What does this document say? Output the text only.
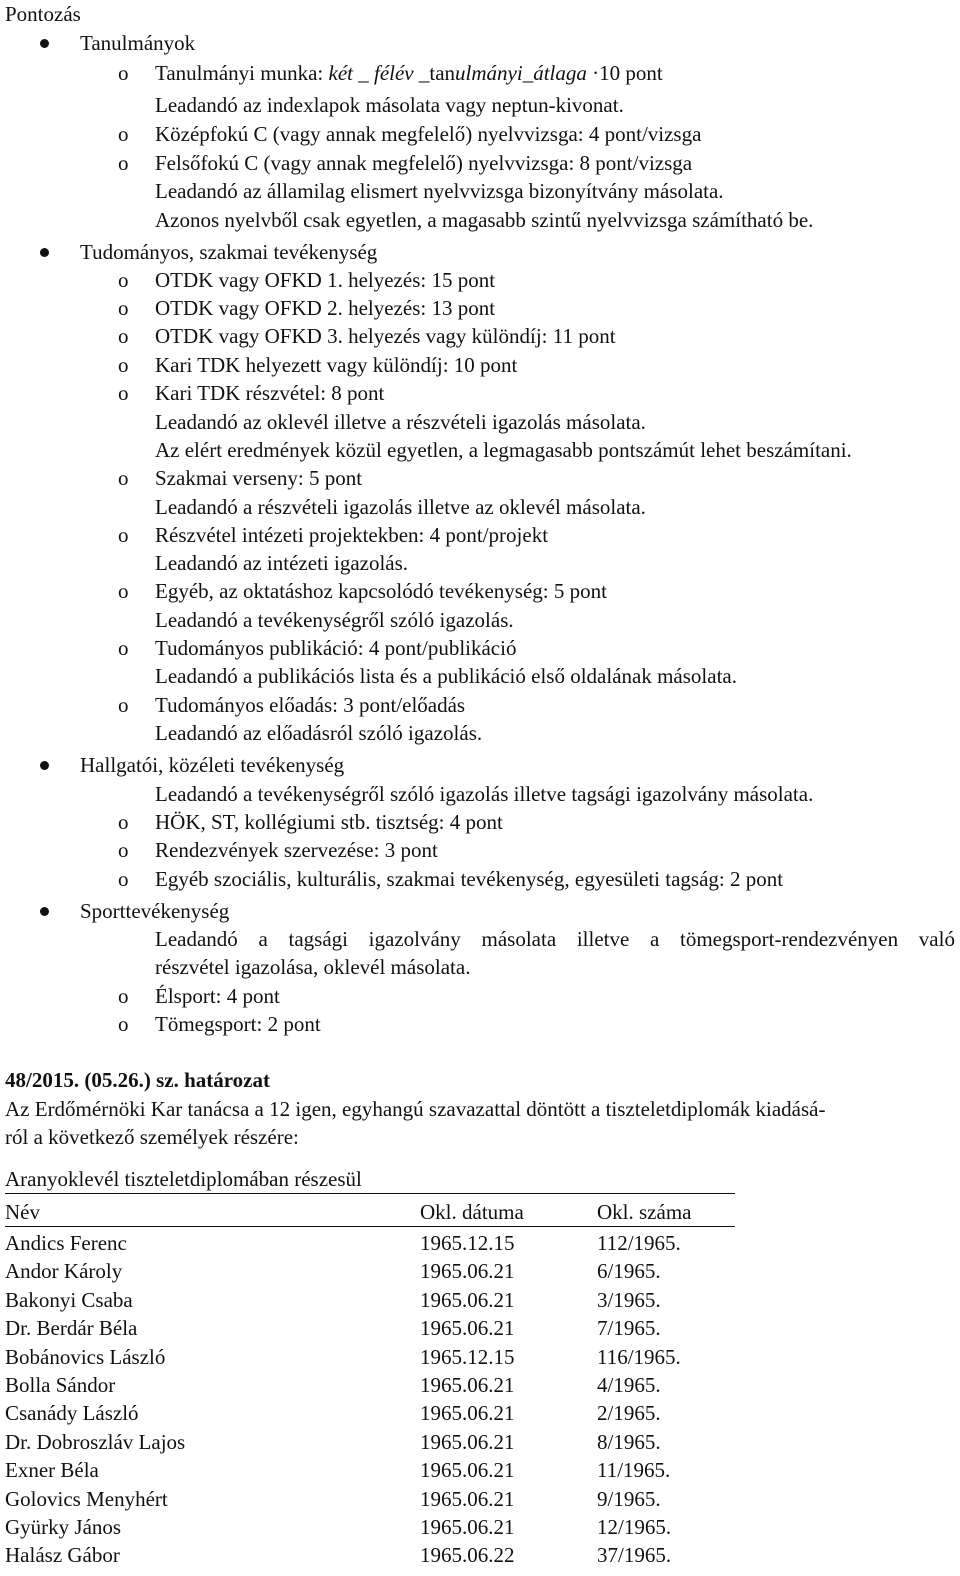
Pontozás
Tanulmányok
o Tanulmányi munka: két _ félév _tanulmányi_átlaga ·10 pont
Leadandó az indexlapok másolata vagy neptun-kivonat.
o Középfokú C (vagy annak megfelelő) nyelvvizsga: 4 pont/vizsga
o Felsőfokú C (vagy annak megfelelő) nyelvvizsga: 8 pont/vizsga
Leadandó az államilag elismert nyelvvizsga bizonyítvány másolata.
Azonos nyelvből csak egyetlen, a magasabb szintű nyelvvizsga számítható be.
Tudományos, szakmai tevékenység
o OTDK vagy OFKD 1. helyezés: 15 pont
o OTDK vagy OFKD 2. helyezés: 13 pont
o OTDK vagy OFKD 3. helyezés vagy különdíj: 11 pont
o Kari TDK helyezett vagy különdíj: 10 pont
o Kari TDK részvétel: 8 pont
Leadandó az oklevél illetve a részvételi igazolás másolata.
Az elért eredmények közül egyetlen, a legmagasabb pontszámút lehet beszámítani.
o Szakmai verseny: 5 pont
Leadandó a részvételi igazolás illetve az oklevél másolata.
o Részvétel intézeti projektekben: 4 pont/projekt
Leadandó az intézeti igazolás.
o Egyéb, az oktatáshoz kapcsolódó tevékenység: 5 pont
Leadandó a tevékenységről szóló igazolás.
o Tudományos publikáció: 4 pont/publikáció
Leadandó a publikációs lista és a publikáció első oldalának másolata.
o Tudományos előadás: 3 pont/előadás
Leadandó az előadásról szóló igazolás.
Hallgatói, közéleti tevékenység
Leadandó a tevékenységről szóló igazolás illetve tagsági igazolvány másolata.
o HÖK, ST, kollégiumi stb. tisztség: 4 pont
o Rendezvények szervezése: 3 pont
o Egyéb szociális, kulturális, szakmai tevékenység, egyesületi tagság: 2 pont
Sporttevékenység
Leadandó a tagsági igazolvány másolata illetve a tömegsport-rendezvényen való
részvétel igazolása, oklevél másolata.
o Élsport: 4 pont
o Tömegsport: 2 pont
48/2015. (05.26.) sz. határozat
Az Erdőmérnöki Kar tanácsa a 12 igen, egyhangú szavazattal döntött a tiszteletdiplomák kiadásá-
ról a következő személyek részére:
Aranyoklevél tiszteletdiplomában részesül
Név	Okl. dátuma	Okl. száma
Andics Ferenc	1965.12.15	112/1965.
Andor Károly	1965.06.21	6/1965.
Bakonyi Csaba	1965.06.21	3/1965.
Dr. Berdár Béla	1965.06.21	7/1965.
Bobánovics László	1965.12.15	116/1965.
Bolla Sándor	1965.06.21	4/1965.
Csanády László	1965.06.21	2/1965.
Dr. Dobroszláv Lajos	1965.06.21	8/1965.
Exner Béla	1965.06.21	11/1965.
Golovics Menyhért	1965.06.21	9/1965.
Gyürky János	1965.06.21	12/1965.
Halász Gábor	1965.06.22	37/1965.
